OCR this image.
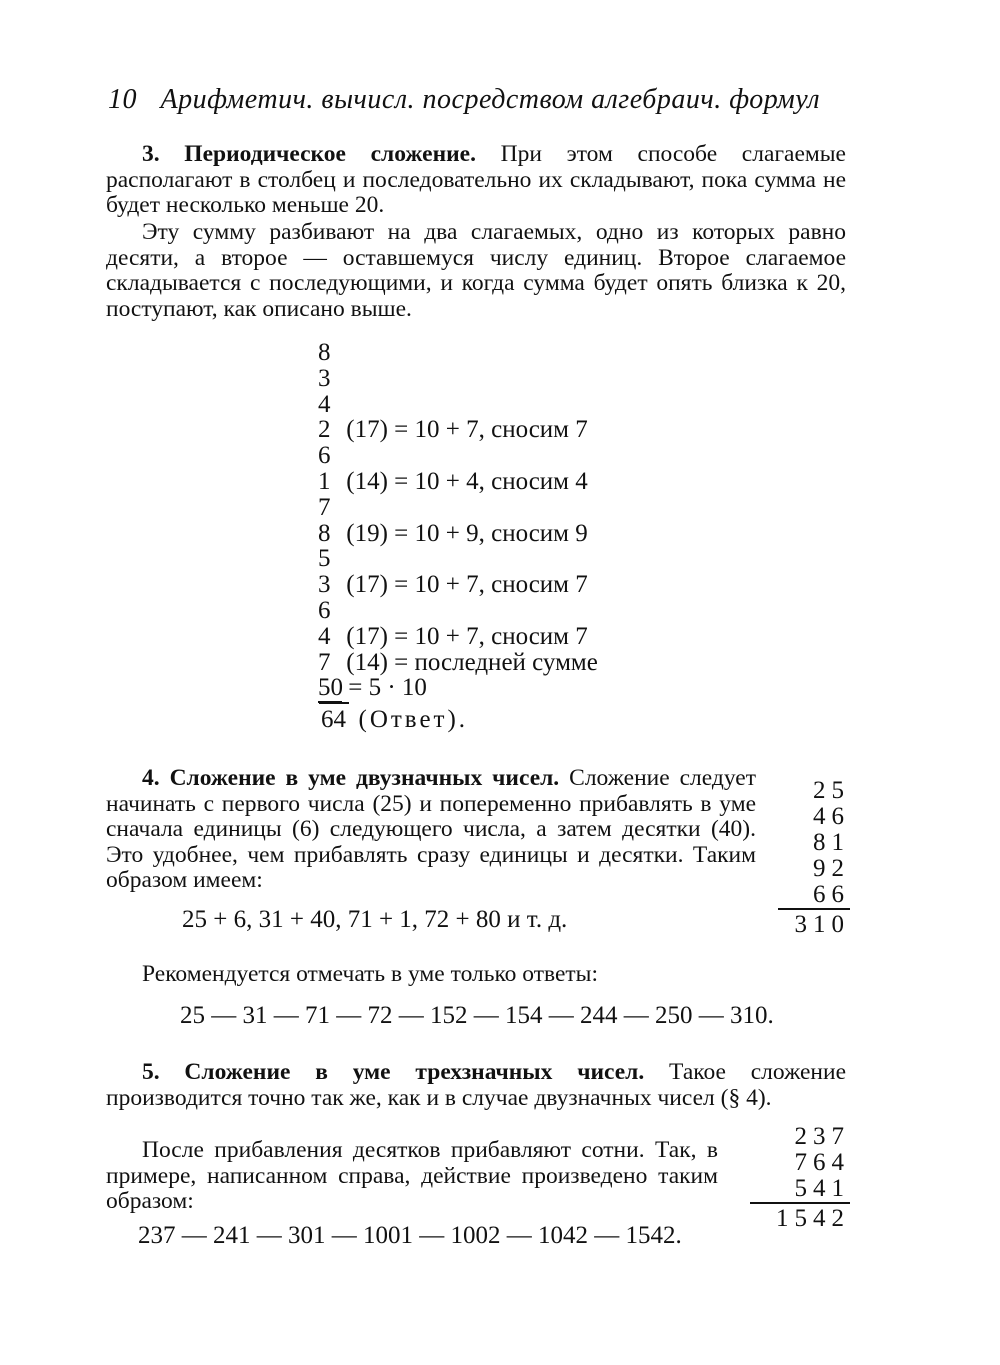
10 Арифметич. вычисл. посредством алгебраич. формул

3. Периодическое сложение. При этом способе слагаемые располагают в столбец и последовательно их складывают, пока сумма не будет несколько меньше 20.

Эту сумму разбивают на два слагаемых, одно из которых равно десяти, а второе — оставшемуся числу единиц. Второе слагаемое складывается с последующими, и когда сумма будет опять близка к 20, поступают, как описано выше.

8
3
4
2 (17) = 10 + 7, сносим 7
6
1 (14) = 10 + 4, сносим 4
7
8 (19) = 10 + 9, сносим 9
5
3 (17) = 10 + 7, сносим 7
6
4 (17) = 10 + 7, сносим 7
7 (14) = последней сумме
50 = 5 · 10
64 (Ответ).

4. Сложение в уме двузначных чисел. Сложение следует начинать с первого числа (25) и попеременно прибавлять в уме сначала единицы (6) следующего числа, а затем десятки (40). Это удобнее, чем прибавлять сразу единицы и десятки. Таким образом имеем:

25
46
81
92
66
310
25 + 6, 31 + 40, 71 + 1, 72 + 80 и т. д.

Рекомендуется отмечать в уме только ответы:

25 — 31 — 71 — 72 — 152 — 154 — 244 — 250 — 310.

5. Сложение в уме трехзначных чисел. Такое сложение производится точно так же, как и в случае двузначных чисел (§ 4).

После прибавления десятков прибавляют сотни. Так, в примере, написанном справа, действие произведено таким образом:

237
764
541
1542
237 — 241 — 301 — 1001 — 1002 — 1042 — 1542.
